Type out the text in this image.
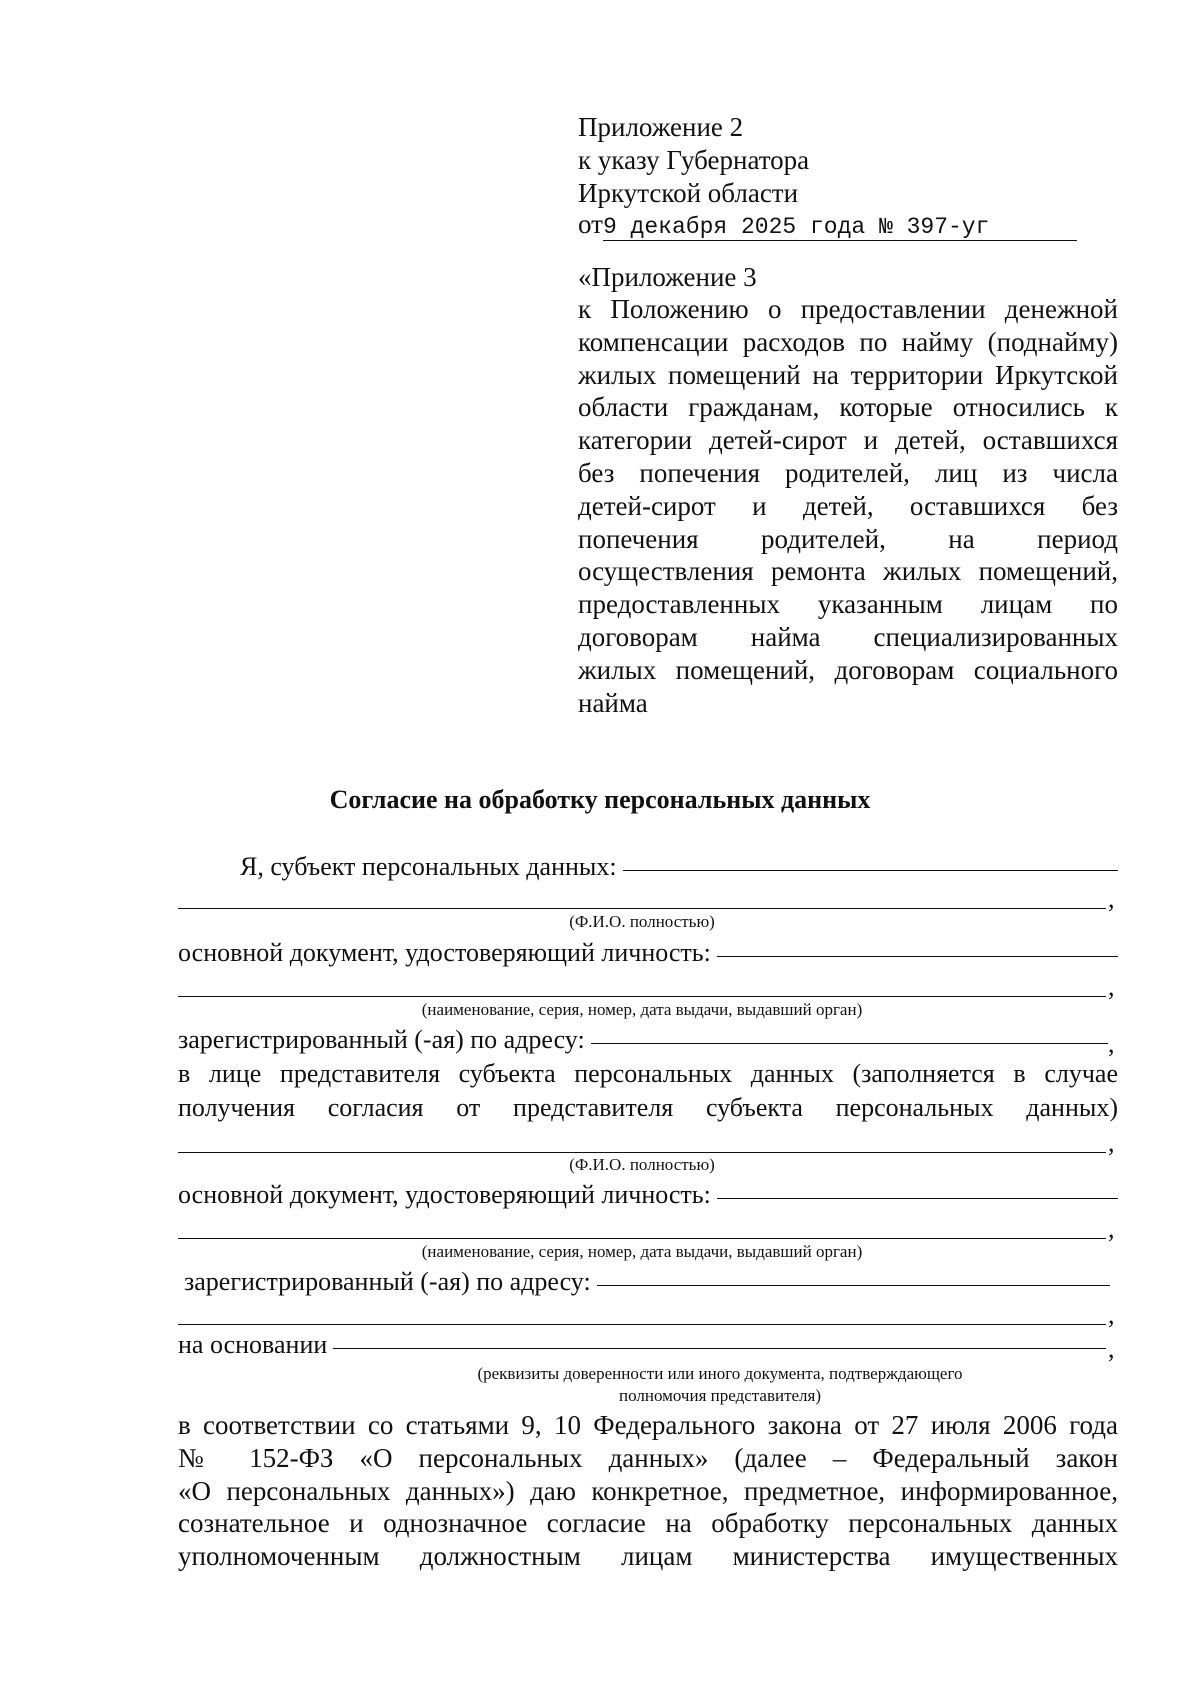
Приложение 2

к указу Губернатора

Иркутской области

от9 декабря 2025 года № 397-уг

«Приложение 3

к Положению о предоставлении денежной

компенсации расходов по найму (поднайму)

жилых помещений на территории Иркутской

области гражданам, которые относились к

категории детей-сирот и детей, оставшихся

без попечения родителей, лиц из числа

детей-сирот и детей, оставшихся без

попечения родителей, на период

осуществления ремонта жилых помещений,

предоставленных указанным лицам по

договорам найма специализированных

жилых помещений, договорам социального

найма

Согласие на обработку персональных данных

Я, субъект персональных данных:
,
(Ф.И.О. полностью)
основной документ, удостоверяющий личность:
,
(наименование, серия, номер, дата выдачи, выдавший орган)
зарегистрированный (-ая) по адресу:	,

в лице представителя субъекта персональных данных (заполняется в случае

получения согласия от представителя субъекта персональных данных)

,
(Ф.И.О. полностью)
основной документ, удостоверяющий личность:
,
(наименование, серия, номер, дата выдачи, выдавший орган)
зарегистрированный (-ая) по адресу:
,
на основании	,
(реквизиты доверенности или иного документа, подтверждающего
полномочия представителя)

в соответствии со статьями 9, 10 Федерального закона от 27 июля 2006 года

№ 152-ФЗ «О персональных данных» (далее – Федеральный закон

«О персональных данных») даю конкретное, предметное, информированное,

сознательное и однозначное согласие на обработку персональных данных

уполномоченным должностным лицам министерства имущественных
